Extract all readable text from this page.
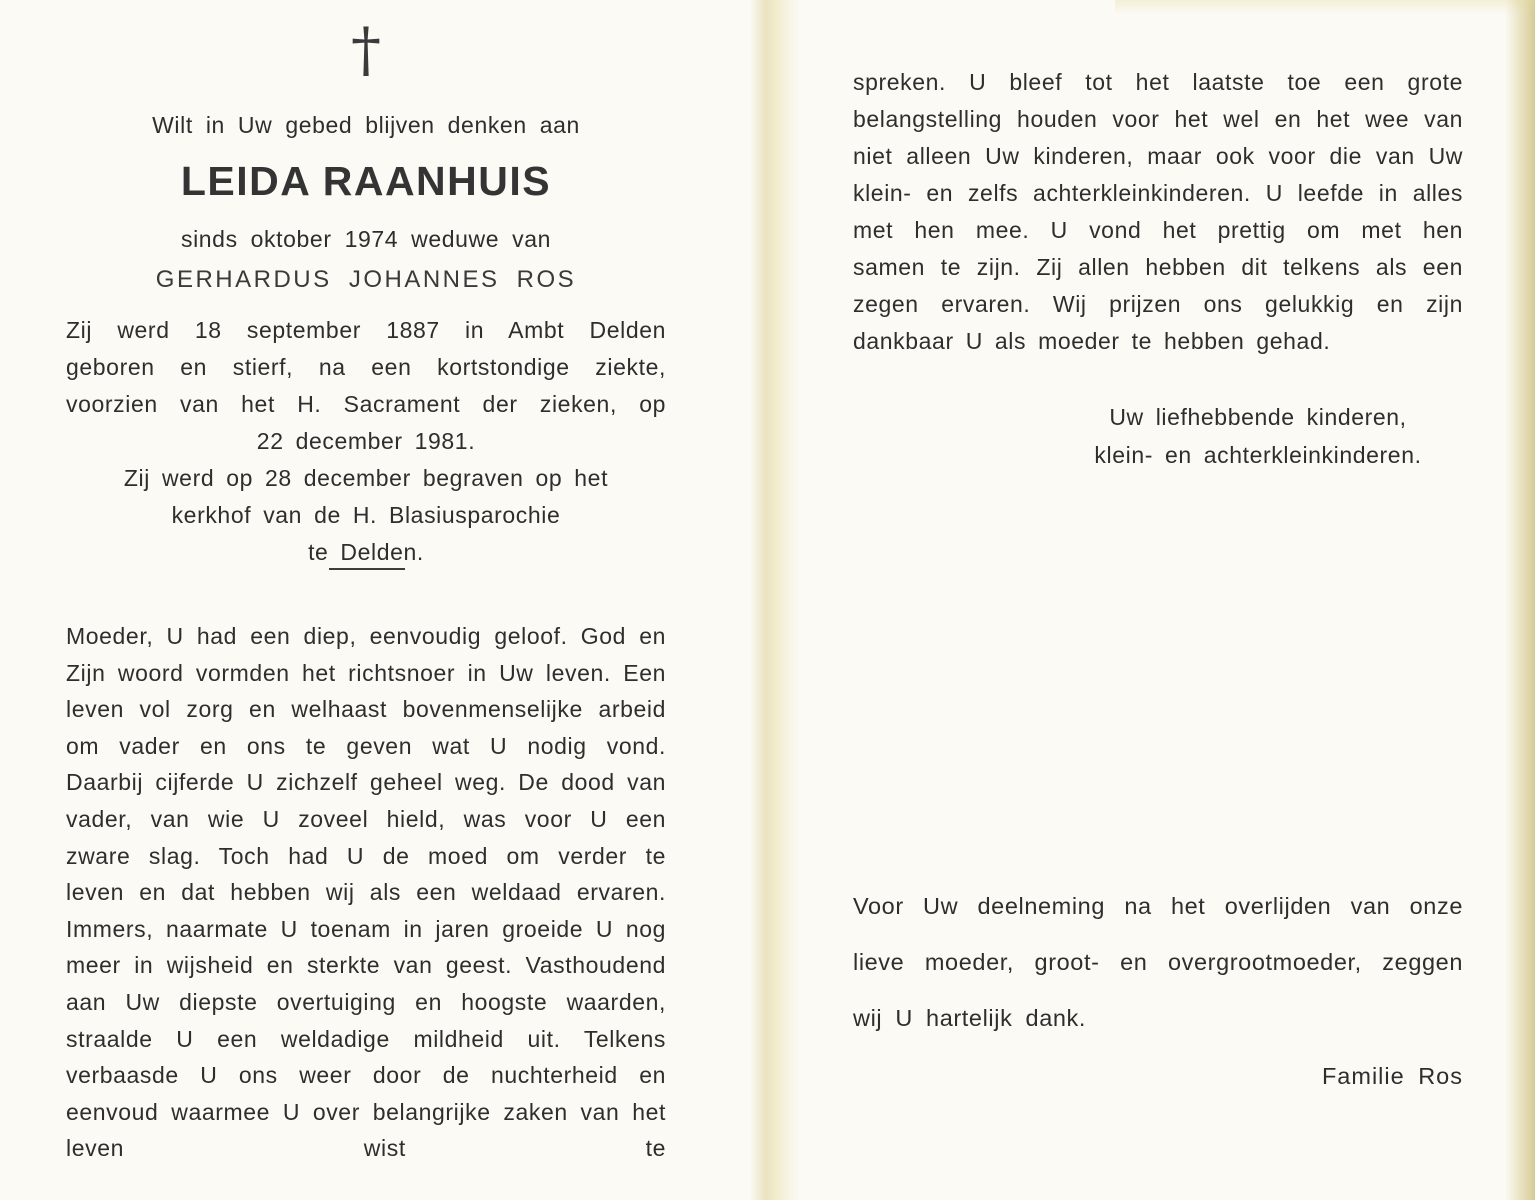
†
Wilt in Uw gebed blijven denken aan
LEIDA RAANHUIS
sinds oktober 1974 weduwe van
GERHARDUS JOHANNES ROS
Zij werd 18 september 1887 in Ambt Delden geboren en stierf, na een kortstondige ziekte, voorzien van het H. Sacrament der zieken, op
22 december 1981.
Zij werd op 28 december begraven op het
kerkhof van de H. Blasiusparochie
te Delden.
Moeder, U had een diep, eenvoudig geloof. God en Zijn woord vormden het richtsnoer in Uw leven. Een leven vol zorg en welhaast bovenmenselijke arbeid om vader en ons te geven wat U nodig vond. Daarbij cijferde U zichzelf geheel weg. De dood van vader, van wie U zoveel hield, was voor U een zware slag. Toch had U de moed om verder te leven en dat hebben wij als een weldaad ervaren. Immers, naarmate U toenam in jaren groeide U nog meer in wijsheid en sterkte van geest. Vasthoudend aan Uw diepste overtuiging en hoogste waarden, straalde U een weldadige mildheid uit. Telkens verbaasde U ons weer door de nuchterheid en eenvoud waarmee U over belangrijke zaken van het leven wist te
spreken. U bleef tot het laatste toe een grote belangstelling houden voor het wel en het wee van niet alleen Uw kinderen, maar ook voor die van Uw klein- en zelfs achterkleinkinderen. U leefde in alles met hen mee. U vond het prettig om met hen samen te zijn. Zij allen hebben dit telkens als een zegen ervaren. Wij prijzen ons gelukkig en zijn dankbaar U als moeder te hebben gehad.
Uw liefhebbende kinderen,
klein- en achterkleinkinderen.
Voor Uw deelneming na het overlijden van onze lieve moeder, groot- en overgrootmoeder, zeggen wij U hartelijk dank.
Familie Ros
